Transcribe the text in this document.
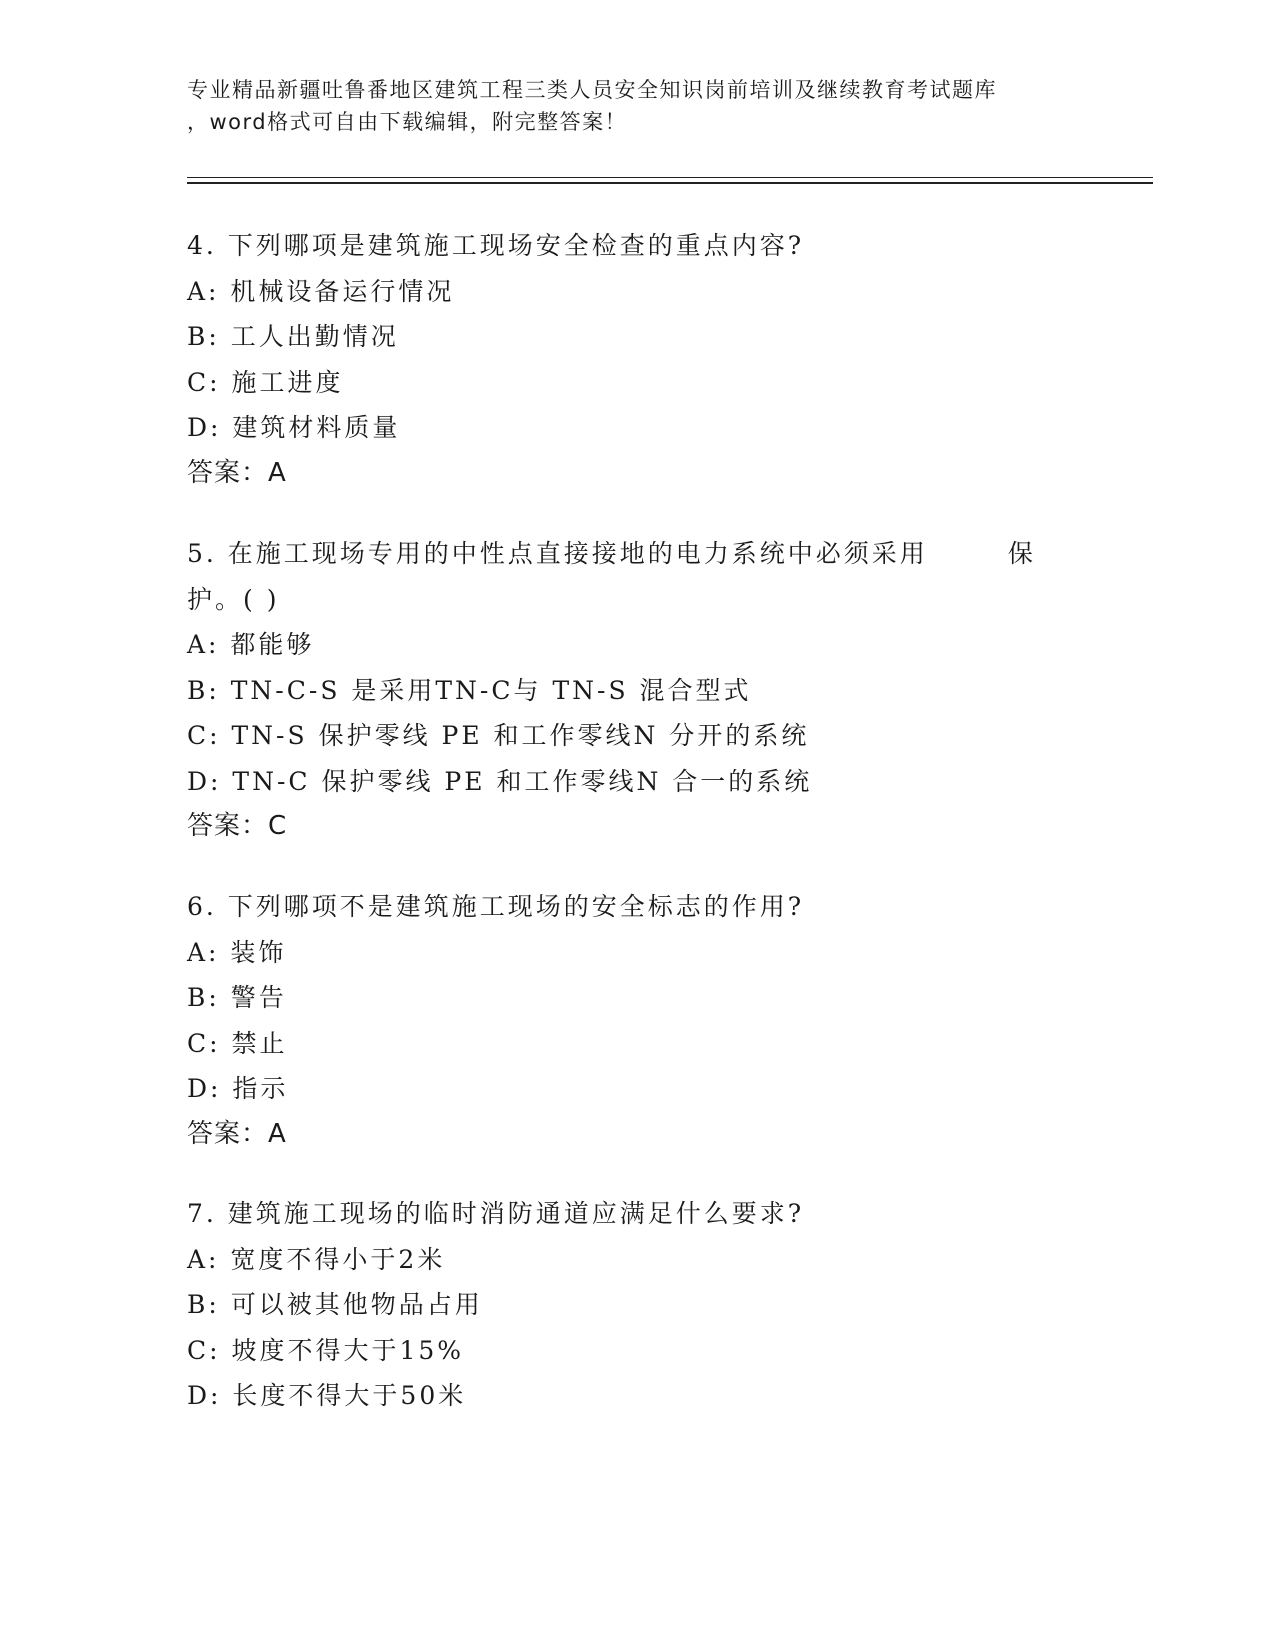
专业精品新疆吐鲁番地区建筑工程三类人员安全知识岗前培训及继续教育考试题库
，word格式可自由下载编辑，附完整答案！
4. 下列哪项是建筑施工现场安全检查的重点内容?
A: 机械设备运行情况
B: 工人出勤情况
C: 施工进度
D: 建筑材料质量
答案：A
5. 在施工现场专用的中性点直接接地的电力系统中必须采用	保
护。( )
A: 都能够
B: TN-C-S 是采用TN-C与 TN-S 混合型式
C: TN-S 保护零线 PE 和工作零线N 分开的系统
D: TN-C 保护零线 PE 和工作零线N 合一的系统
答案：C
6. 下列哪项不是建筑施工现场的安全标志的作用?
A: 装饰
B: 警告
C: 禁止
D: 指示
答案：A
7. 建筑施工现场的临时消防通道应满足什么要求?
A: 宽度不得小于2米
B: 可以被其他物品占用
C: 坡度不得大于15%
D: 长度不得大于50米
